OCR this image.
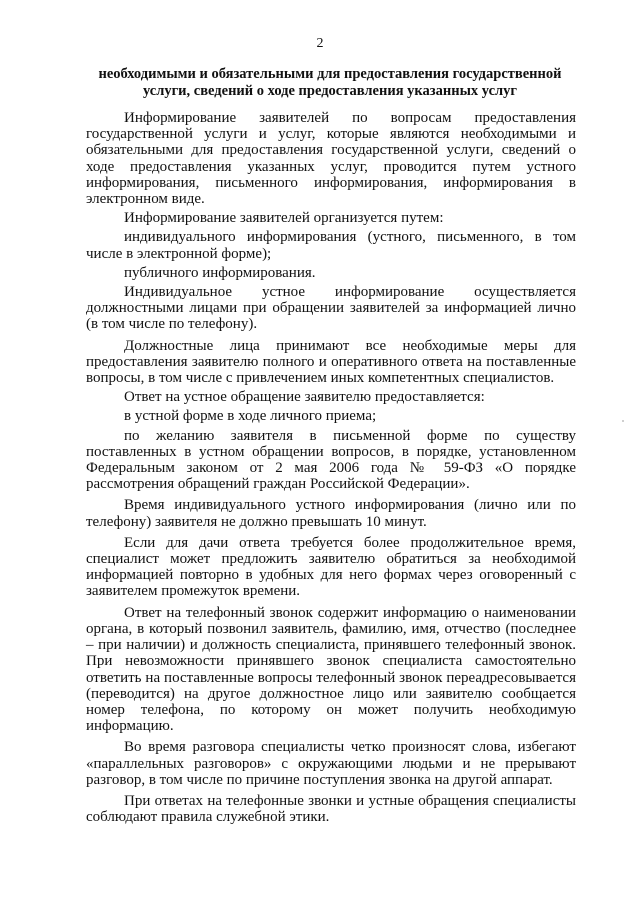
2
необходимыми и обязательными для предоставления государственной услуги, сведений о ходе предоставления указанных услуг

Информирование заявителей по вопросам предоставления государственной услуги и услуг, которые являются необходимыми и обязательными для предоставления государственной услуги, сведений о ходе предоставления указанных услуг, проводится путем устного информирования, письменного информирования, информирования в электронном виде.

Информирование заявителей организуется путем:

индивидуального информирования (устного, письменного, в том числе в электронной форме);

публичного информирования.

Индивидуальное устное информирование осуществляется должностными лицами при обращении заявителей за информацией лично (в том числе по телефону).

Должностные лица принимают все необходимые меры для предоставления заявителю полного и оперативного ответа на поставленные вопросы, в том числе с привлечением иных компетентных специалистов.

Ответ на устное обращение заявителю предоставляется:

в устной форме в ходе личного приема;

по желанию заявителя в письменной форме по существу поставленных в устном обращении вопросов, в порядке, установленном Федеральным законом от 2 мая 2006 года № 59-ФЗ «О порядке рассмотрения обращений граждан Российской Федерации».

Время индивидуального устного информирования (лично или по телефону) заявителя не должно превышать 10 минут.

Если для дачи ответа требуется более продолжительное время, специалист может предложить заявителю обратиться за необходимой информацией повторно в удобных для него формах через оговоренный с заявителем промежуток времени.

Ответ на телефонный звонок содержит информацию о наименовании органа, в который позвонил заявитель, фамилию, имя, отчество (последнее – при наличии) и должность специалиста, принявшего телефонный звонок. При невозможности принявшего звонок специалиста самостоятельно ответить на поставленные вопросы телефонный звонок переадресовывается (переводится) на другое должностное лицо или заявителю сообщается номер телефона, по которому он может получить необходимую информацию.

Во время разговора специалисты четко произносят слова, избегают «параллельных разговоров» с окружающими людьми и не прерывают разговор, в том числе по причине поступления звонка на другой аппарат.

При ответах на телефонные звонки и устные обращения специалисты соблюдают правила служебной этики.
